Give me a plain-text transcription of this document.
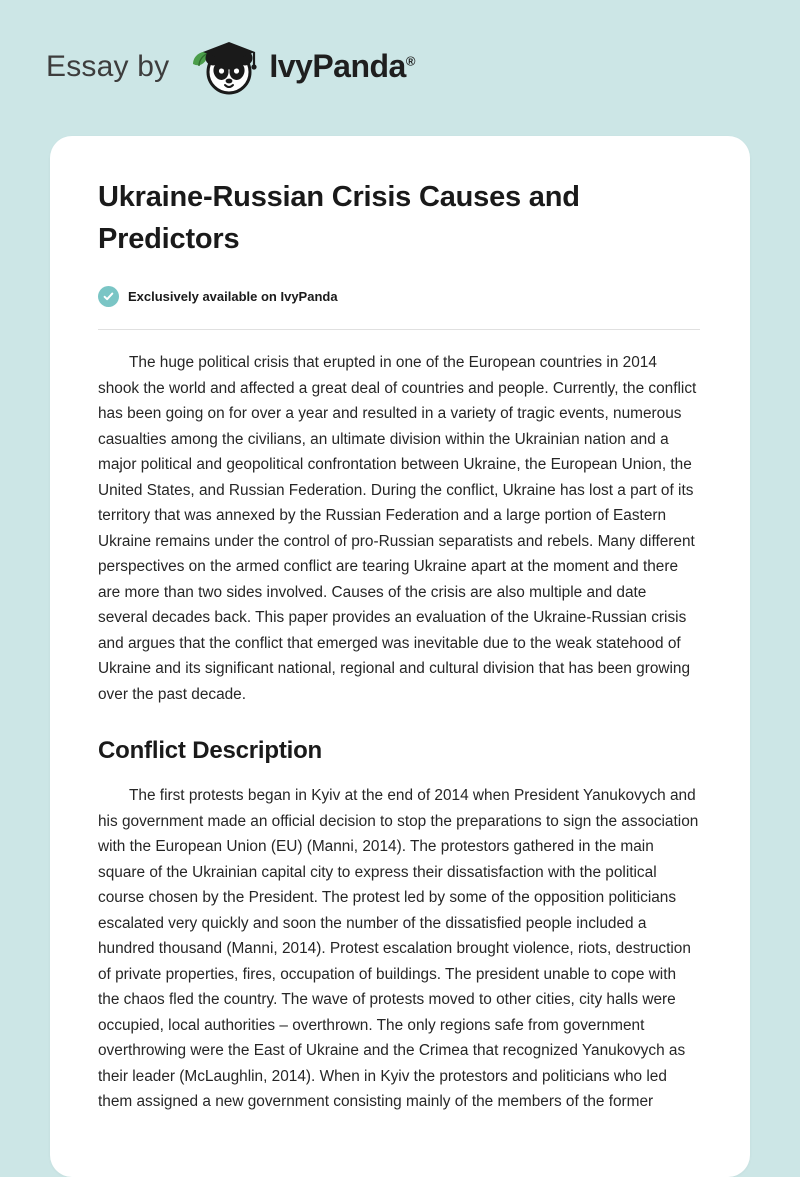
Essay by	IvyPanda®
Ukraine-Russian Crisis Causes and Predictors
Exclusively available on IvyPanda

The huge political crisis that erupted in one of the European countries in 2014 shook the world and affected a great deal of countries and people. Currently, the conflict has been going on for over a year and resulted in a variety of tragic events, numerous casualties among the civilians, an ultimate division within the Ukrainian nation and a major political and geopolitical confrontation between Ukraine, the European Union, the United States, and Russian Federation. During the conflict, Ukraine has lost a part of its territory that was annexed by the Russian Federation and a large portion of Eastern Ukraine remains under the control of pro-Russian separatists and rebels. Many different perspectives on the armed conflict are tearing Ukraine apart at the moment and there are more than two sides involved. Causes of the crisis are also multiple and date several decades back. This paper provides an evaluation of the Ukraine-Russian crisis and argues that the conflict that emerged was inevitable due to the weak statehood of Ukraine and its significant national, regional and cultural division that has been growing over the past decade.

Conflict Description

The first protests began in Kyiv at the end of 2014 when President Yanukovych and his government made an official decision to stop the preparations to sign the association with the European Union (EU) (Manni, 2014). The protestors gathered in the main square of the Ukrainian capital city to express their dissatisfaction with the political course chosen by the President. The protest led by some of the opposition politicians escalated very quickly and soon the number of the dissatisfied people included a hundred thousand (Manni, 2014). Protest escalation brought violence, riots, destruction of private properties, fires, occupation of buildings. The president unable to cope with the chaos fled the country. The wave of protests moved to other cities, city halls were occupied, local authorities – overthrown. The only regions safe from government overthrowing were the East of Ukraine and the Crimea that recognized Yanukovych as their leader (McLaughlin, 2014). When in Kyiv the protestors and politicians who led them assigned a new government consisting mainly of the members of the former
